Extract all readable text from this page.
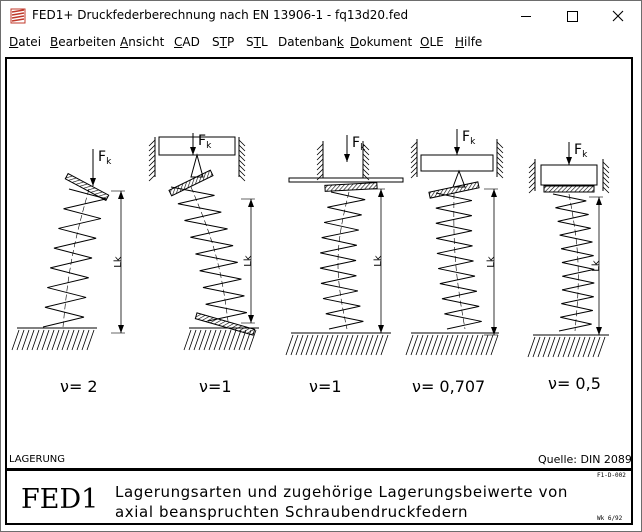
FED1+ Druckfederberechnung nach EN 13906-1 - fq13d20.fed
Datei Bearbeiten Ansicht CAD STP STL Datenbank Dokument OLE Hilfe
$F_k$
Lk
$F_k$
Lk
$F_k$
Lk
$F_k$
Lk
$F_k$
Lk
ν= 2	ν=1	ν=1	ν= 0,707	ν= 0,5
LAGERUNG	Quelle: DIN 2089
FED1 Lagerungsarten und zugehörige Lagerungsbeiwerte von
axial beanspruchten Schraubendruckfedern
F1-D-002
Wk 6/92
